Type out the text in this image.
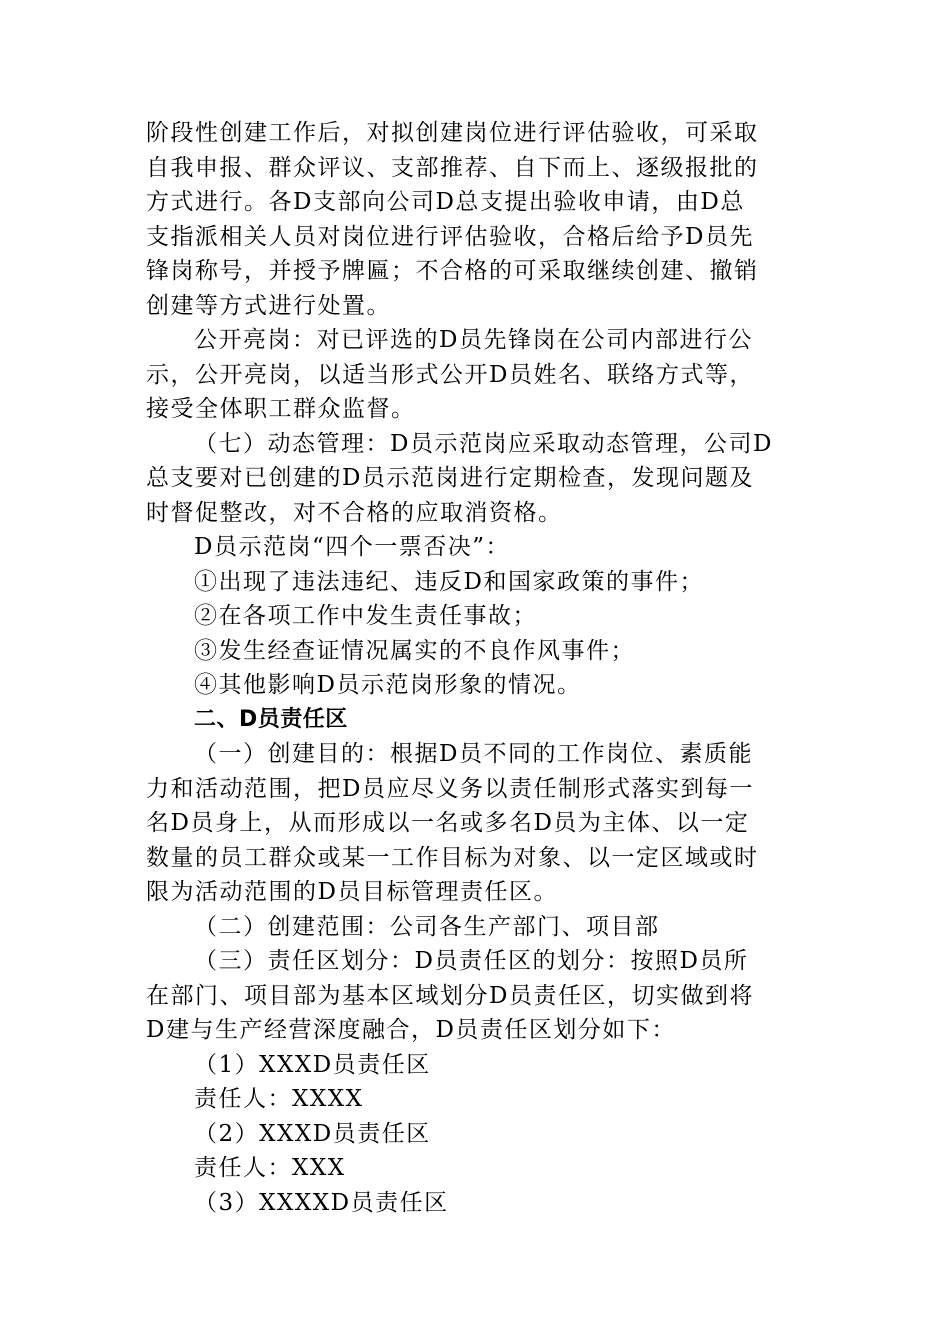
阶段性创建工作后，对拟创建岗位进行评估验收，可采取
自我申报、群众评议、支部推荐、自下而上、逐级报批的
方式进行。各D支部向公司D总支提出验收申请，由D总
支指派相关人员对岗位进行评估验收，合格后给予D员先
锋岗称号，并授予牌匾；不合格的可采取继续创建、撤销
创建等方式进行处置。

公开亮岗：对已评选的D员先锋岗在公司内部进行公
示，公开亮岗，以适当形式公开D员姓名、联络方式等，
接受全体职工群众监督。

（七）动态管理：D员示范岗应采取动态管理，公司D
总支要对已创建的D员示范岗进行定期检查，发现问题及
时督促整改，对不合格的应取消资格。

D员示范岗“四个一票否决”：

①出现了违法违纪、违反D和国家政策的事件；

②在各项工作中发生责任事故；

③发生经查证情况属实的不良作风事件；

④其他影响D员示范岗形象的情况。

二、D员责任区

（一）创建目的：根据D员不同的工作岗位、素质能
力和活动范围，把D员应尽义务以责任制形式落实到每一
名D员身上，从而形成以一名或多名D员为主体、以一定
数量的员工群众或某一工作目标为对象、以一定区域或时
限为活动范围的D员目标管理责任区。

（二）创建范围：公司各生产部门、项目部

（三）责任区划分：D员责任区的划分：按照D员所
在部门、项目部为基本区域划分D员责任区，切实做到将
D建与生产经营深度融合，D员责任区划分如下：

（1）XXXD员责任区

责任人：XXXX

（2）XXXD员责任区

责任人：XXX

（3）XXXXD员责任区
